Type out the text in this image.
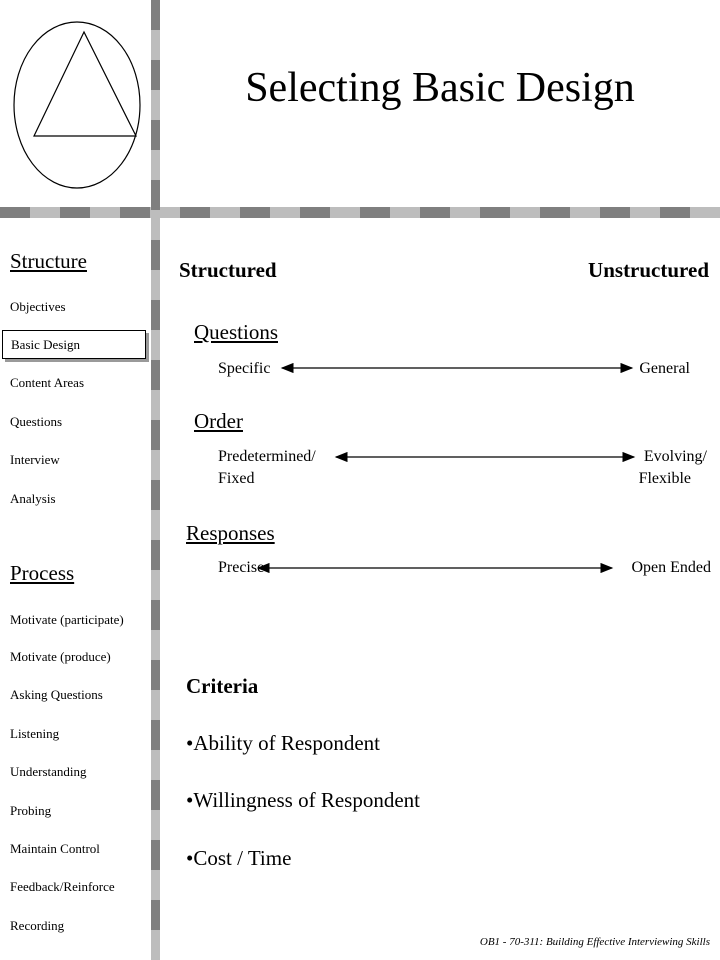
Selecting Basic Design
Structure
Objectives
Basic Design
Content Areas
Questions
Interview
Analysis
Process
Motivate (participate)
Motivate (produce)
Asking Questions
Listening
Understanding
Probing
Maintain Control
Feedback/Reinforce
Recording
Structured	Unstructured
Questions
Specific	General
Order
Predetermined/
Fixed
Evolving/
Flexible
Responses
Precise	Open Ended
Criteria
•Ability of Respondent
•Willingness of Respondent
•Cost / Time
OB1 - 70-311: Building Effective Interviewing Skills
